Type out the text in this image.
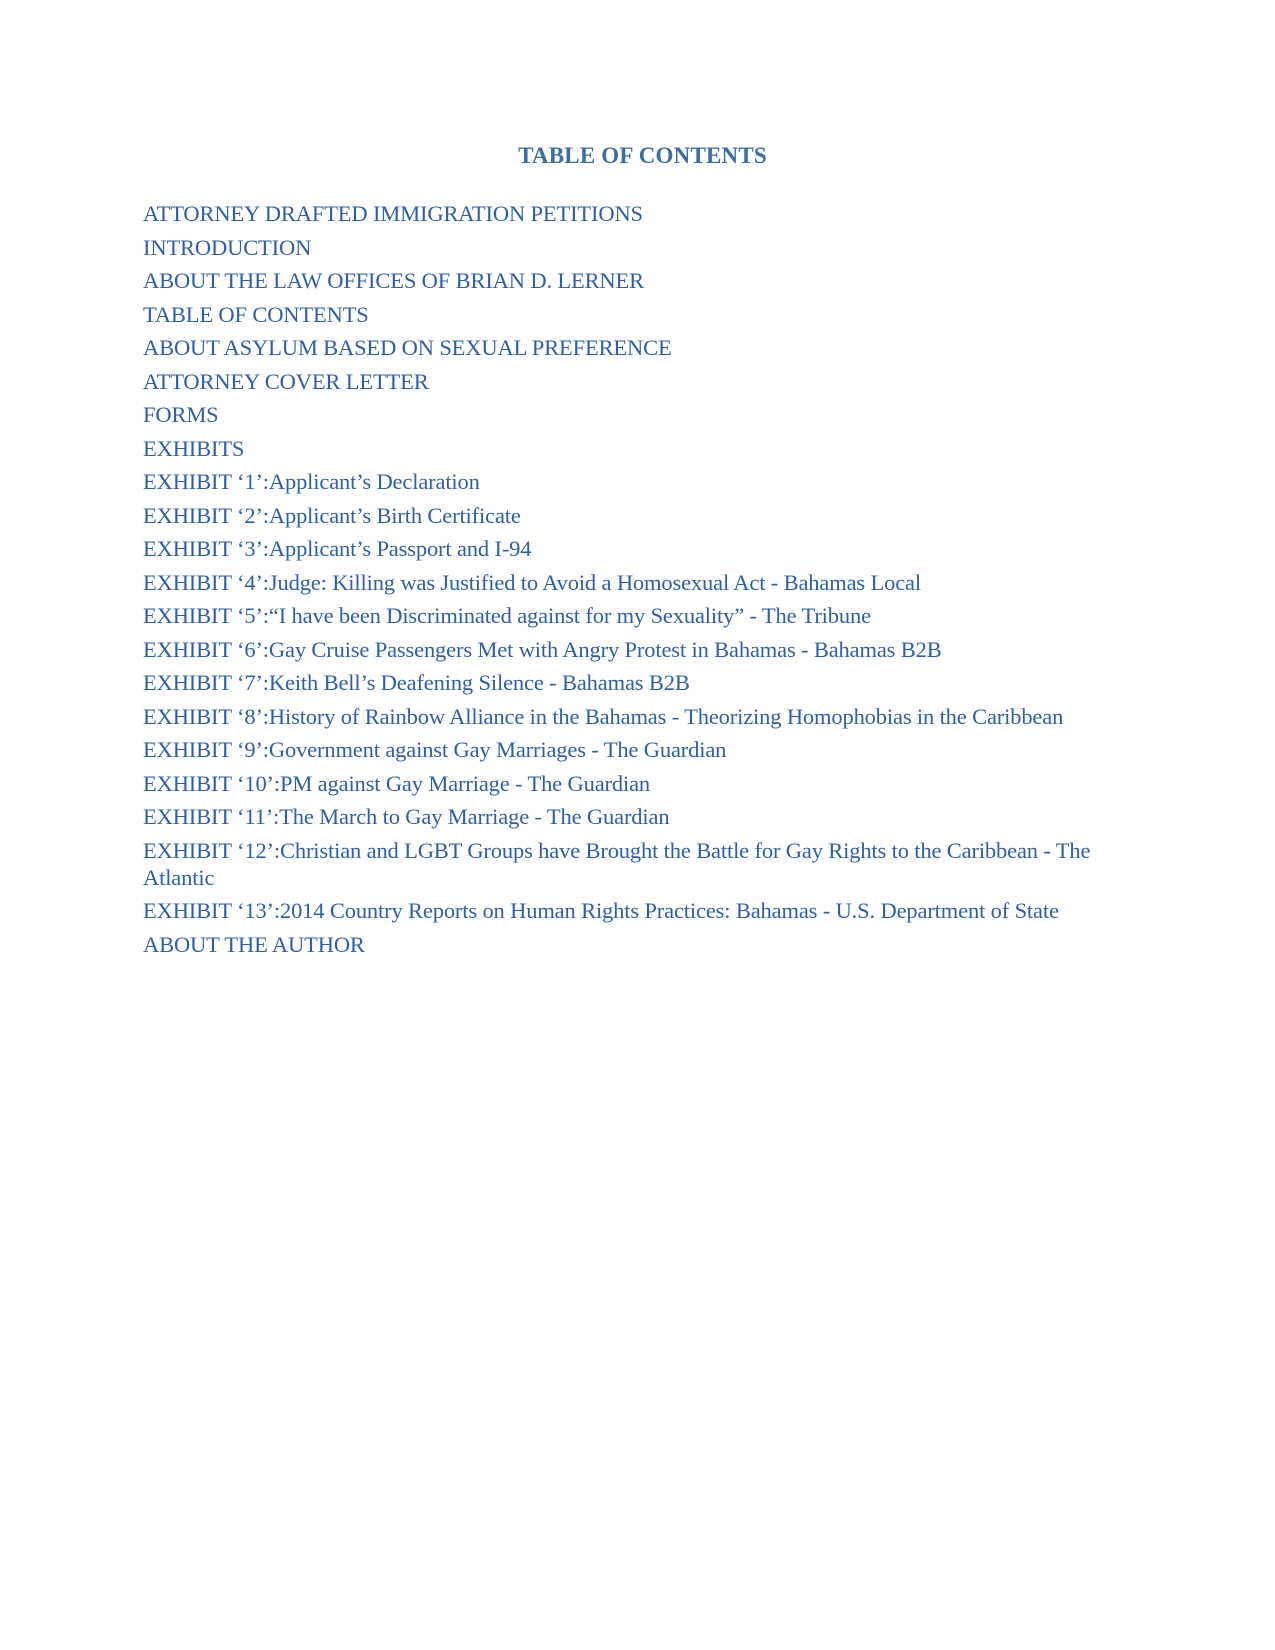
TABLE OF CONTENTS
ATTORNEY DRAFTED IMMIGRATION PETITIONS
INTRODUCTION
ABOUT THE LAW OFFICES OF BRIAN D. LERNER
TABLE OF CONTENTS
ABOUT ASYLUM BASED ON SEXUAL PREFERENCE
ATTORNEY COVER LETTER
FORMS
EXHIBITS
EXHIBIT ‘1’:Applicant’s Declaration
EXHIBIT ‘2’:Applicant’s Birth Certificate
EXHIBIT ‘3’:Applicant’s Passport and I-94
EXHIBIT ‘4’:Judge: Killing was Justified to Avoid a Homosexual Act - Bahamas Local
EXHIBIT ‘5’:“I have been Discriminated against for my Sexuality” - The Tribune
EXHIBIT ‘6’:Gay Cruise Passengers Met with Angry Protest in Bahamas - Bahamas B2B
EXHIBIT ‘7’:Keith Bell’s Deafening Silence - Bahamas B2B
EXHIBIT ‘8’:History of Rainbow Alliance in the Bahamas - Theorizing Homophobias in the Caribbean
EXHIBIT ‘9’:Government against Gay Marriages - The Guardian
EXHIBIT ‘10’:PM against Gay Marriage - The Guardian
EXHIBIT ‘11’:The March to Gay Marriage - The Guardian
EXHIBIT ‘12’:Christian and LGBT Groups have Brought the Battle for Gay Rights to the Caribbean - The Atlantic
EXHIBIT ‘13’:2014 Country Reports on Human Rights Practices: Bahamas - U.S. Department of State
ABOUT THE AUTHOR
